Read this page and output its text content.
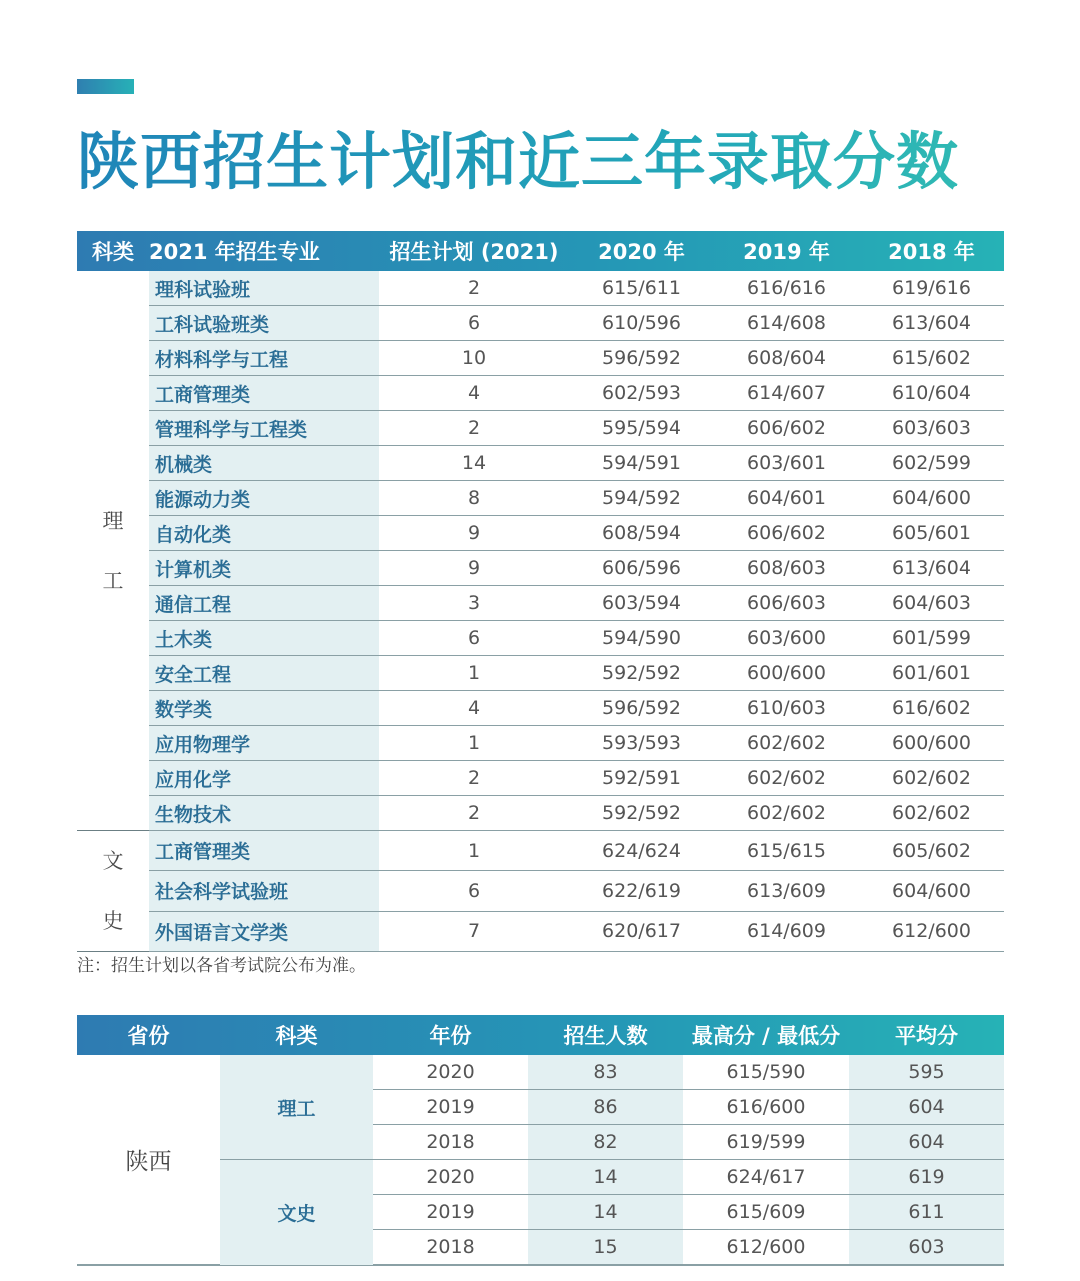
陕西招生计划和近三年录取分数
科类	2021 年招生专业	招生计划 (2021)	2020 年	2019 年	2018 年

理
工	理科试验班	2	615/611	616/616	619/616
	工科试验班类	6	610/596	614/608	613/604
	材料科学与工程	10	596/592	608/604	615/602
	工商管理类	4	602/593	614/607	610/604
	管理科学与工程类	2	595/594	606/602	603/603
	机械类	14	594/591	603/601	602/599
	能源动力类	8	594/592	604/601	604/600
	自动化类	9	608/594	606/602	605/601
	计算机类	9	606/596	608/603	613/604
	通信工程	3	603/594	606/603	604/603
	土木类	6	594/590	603/600	601/599
	安全工程	1	592/592	600/600	601/601
	数学类	4	596/592	610/603	616/602
	应用物理学	1	593/593	602/602	600/600
	应用化学	2	592/591	602/602	602/602
	生物技术	2	592/592	602/602	602/602

文
史	工商管理类	1	624/624	615/615	605/602
	社会科学试验班	6	622/619	613/609	604/600
	外国语言文学类	7	620/617	614/609	612/600
注：招生计划以各省考试院公布为准。
省份	科类	年份	招生人数	最高分 / 最低分	平均分
陕西	理工	2020	83	615/590	595
		2019	86	616/600	604
		2018	82	619/599	604
	文史	2020	14	624/617	619
		2019	14	615/609	611
		2018	15	612/600	603
